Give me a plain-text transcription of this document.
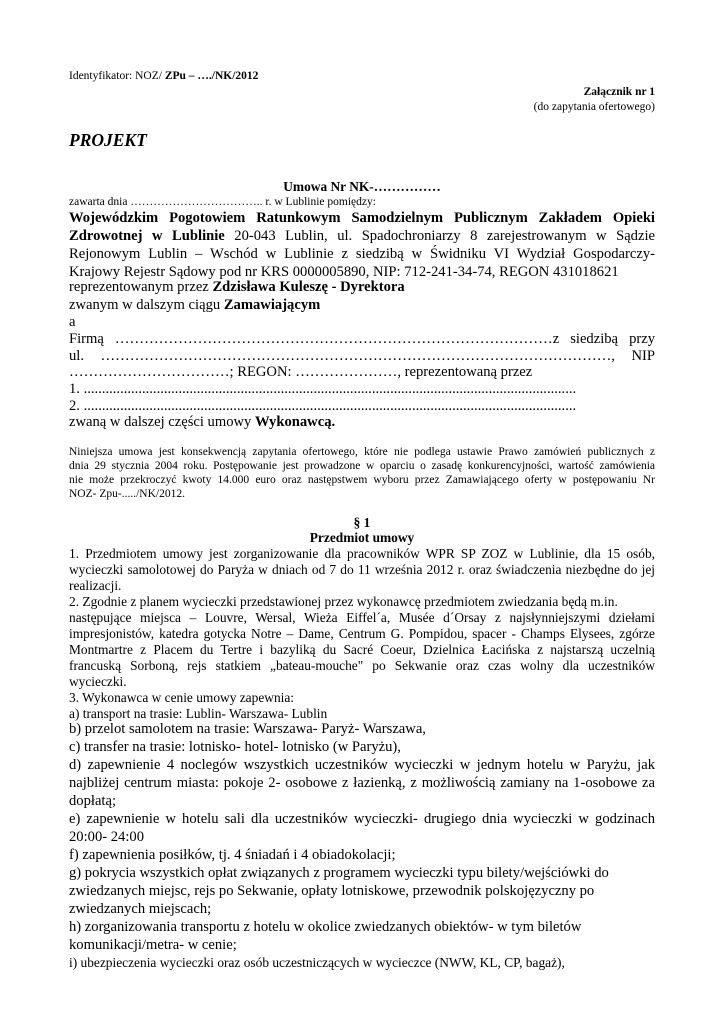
Identyfikator: NOZ/ ZPu – …./NK/2012
Załącznik nr 1
(do zapytania ofertowego)
PROJEKT
Umowa Nr NK-……………
zawarta dnia …………………………….. r. w Lublinie pomiędzy:
Wojewódzkim Pogotowiem Ratunkowym Samodzielnym Publicznym Zakładem Opieki
Zdrowotnej w Lublinie 20-043 Lublin, ul. Spadochroniarzy 8 zarejestrowanym w Sądzie
Rejonowym Lublin – Wschód w Lublinie z siedzibą w Świdniku VI Wydział Gospodarczy-
Krajowy Rejestr Sądowy pod nr KRS 0000005890, NIP: 712-241-34-74, REGON 431018621
reprezentowanym przez Zdzisława Kuleszę - Dyrektora
zwanym w dalszym ciągu Zamawiającym
a
Firmą ………………………………………………………………………………z siedzibą przy
ul. ……………………………………………………………………………………………, NIP
……………………………; REGON: …………………, reprezentowaną przez
1. .......................................................................................................................................
2. .......................................................................................................................................
zwaną w dalszej części umowy Wykonawcą.
Niniejsza umowa jest konsekwencją zapytania ofertowego, które nie podlega ustawie Prawo zamówień publicznych z
dnia 29 stycznia 2004 roku. Postępowanie jest prowadzone w oparciu o zasadę konkurencyjności, wartość zamówienia
nie może przekroczyć kwoty 14.000 euro oraz następstwem wyboru przez Zamawiającego oferty w postępowaniu Nr
NOZ- Zpu-...../NK/2012.
§ 1
Przedmiot umowy
1. Przedmiotem umowy jest zorganizowanie dla pracowników WPR SP ZOZ w Lublinie, dla 15 osób,
wycieczki samolotowej do Paryża w dniach od 7 do 11 września 2012 r. oraz świadczenia niezbędne do jej
realizacji.
2. Zgodnie z planem wycieczki przedstawionej przez wykonawcę przedmiotem zwiedzania będą m.in.
następujące miejsca – Louvre, Wersal, Wieża Eiffel´a, Musée d´Orsay z najsłynniejszymi dziełami
impresjonistów, katedra gotycka Notre – Dame, Centrum G. Pompidou, spacer - Champs Elysees, zgórze
Montmartre z Placem du Tertre i bazyliką du Sacré Coeur, Dzielnica Łacińska z najstarszą uczelnią
francuską Sorboną, rejs statkiem „bateau-mouche" po Sekwanie oraz czas wolny dla uczestników
wycieczki.
3. Wykonawca w cenie umowy zapewnia:
a) transport na trasie: Lublin- Warszawa- Lublin
b) przelot samolotem na trasie: Warszawa- Paryż- Warszawa,
c) transfer na trasie: lotnisko- hotel- lotnisko (w Paryżu),
d) zapewnienie 4 noclegów wszystkich uczestników wycieczki w jednym hotelu w Paryżu, jak
najbliżej centrum miasta: pokoje 2- osobowe z łazienką, z możliwością zamiany na 1-osobowe za
dopłatą;
e) zapewnienie w hotelu sali dla uczestników wycieczki- drugiego dnia wycieczki w godzinach
20:00- 24:00
f) zapewnienia posiłków, tj. 4 śniadań i 4 obiadokolacji;
g) pokrycia wszystkich opłat związanych z programem wycieczki typu bilety/wejściówki do
zwiedzanych miejsc, rejs po Sekwanie, opłaty lotniskowe, przewodnik polskojęzyczny po
zwiedzanych miejscach;
h) zorganizowania transportu z hotelu w okolice zwiedzanych obiektów- w tym biletów
komunikacji/metra- w cenie;
i) ubezpieczenia wycieczki oraz osób uczestniczących w wycieczce (NWW, KL, CP, bagaż),
